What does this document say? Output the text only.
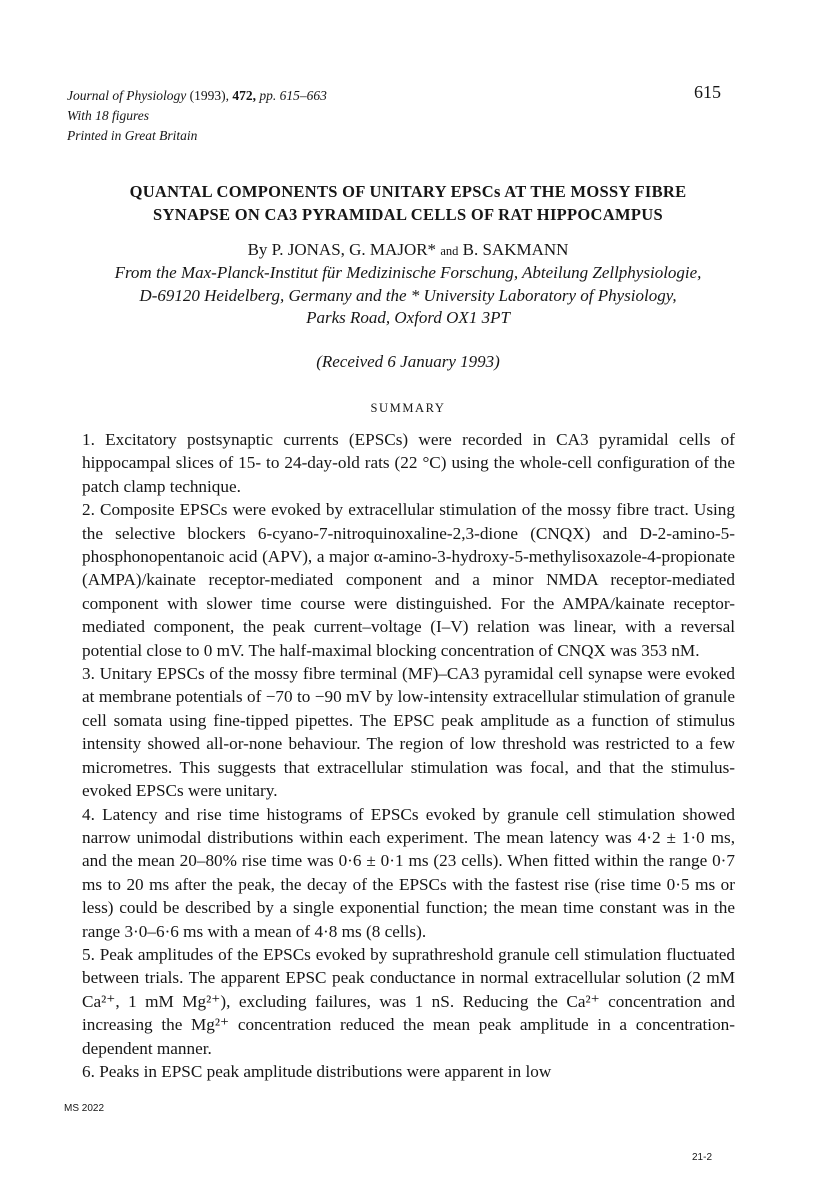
Journal of Physiology (1993), 472, pp. 615–663
With 18 figures
Printed in Great Britain
615
QUANTAL COMPONENTS OF UNITARY EPSCs AT THE MOSSY FIBRE
SYNAPSE ON CA3 PYRAMIDAL CELLS OF RAT HIPPOCAMPUS
By P. JONAS, G. MAJOR* and B. SAKMANN
From the Max-Planck-Institut für Medizinische Forschung, Abteilung Zellphysiologie,
D-69120 Heidelberg, Germany and the * University Laboratory of Physiology,
Parks Road, Oxford OX1 3PT
(Received 6 January 1993)
SUMMARY

1. Excitatory postsynaptic currents (EPSCs) were recorded in CA3 pyramidal cells of hippocampal slices of 15- to 24-day-old rats (22 °C) using the whole-cell configuration of the patch clamp technique.

2. Composite EPSCs were evoked by extracellular stimulation of the mossy fibre tract. Using the selective blockers 6-cyano-7-nitroquinoxaline-2,3-dione (CNQX) and D-2-amino-5-phosphonopentanoic acid (APV), a major α-amino-3-hydroxy-5-methylisoxazole-4-propionate (AMPA)/kainate receptor-mediated component and a minor NMDA receptor-mediated component with slower time course were distinguished. For the AMPA/kainate receptor-mediated component, the peak current–voltage (I–V) relation was linear, with a reversal potential close to 0 mV. The half-maximal blocking concentration of CNQX was 353 nM.

3. Unitary EPSCs of the mossy fibre terminal (MF)–CA3 pyramidal cell synapse were evoked at membrane potentials of −70 to −90 mV by low-intensity extracellular stimulation of granule cell somata using fine-tipped pipettes. The EPSC peak amplitude as a function of stimulus intensity showed all-or-none behaviour. The region of low threshold was restricted to a few micrometres. This suggests that extracellular stimulation was focal, and that the stimulus-evoked EPSCs were unitary.

4. Latency and rise time histograms of EPSCs evoked by granule cell stimulation showed narrow unimodal distributions within each experiment. The mean latency was 4·2 ± 1·0 ms, and the mean 20–80% rise time was 0·6 ± 0·1 ms (23 cells). When fitted within the range 0·7 ms to 20 ms after the peak, the decay of the EPSCs with the fastest rise (rise time 0·5 ms or less) could be described by a single exponential function; the mean time constant was in the range 3·0–6·6 ms with a mean of 4·8 ms (8 cells).

5. Peak amplitudes of the EPSCs evoked by suprathreshold granule cell stimulation fluctuated between trials. The apparent EPSC peak conductance in normal extracellular solution (2 mM Ca²⁺, 1 mM Mg²⁺), excluding failures, was 1 nS. Reducing the Ca²⁺ concentration and increasing the Mg²⁺ concentration reduced the mean peak amplitude in a concentration-dependent manner.

6. Peaks in EPSC peak amplitude distributions were apparent in low

MS 2022
21-2
